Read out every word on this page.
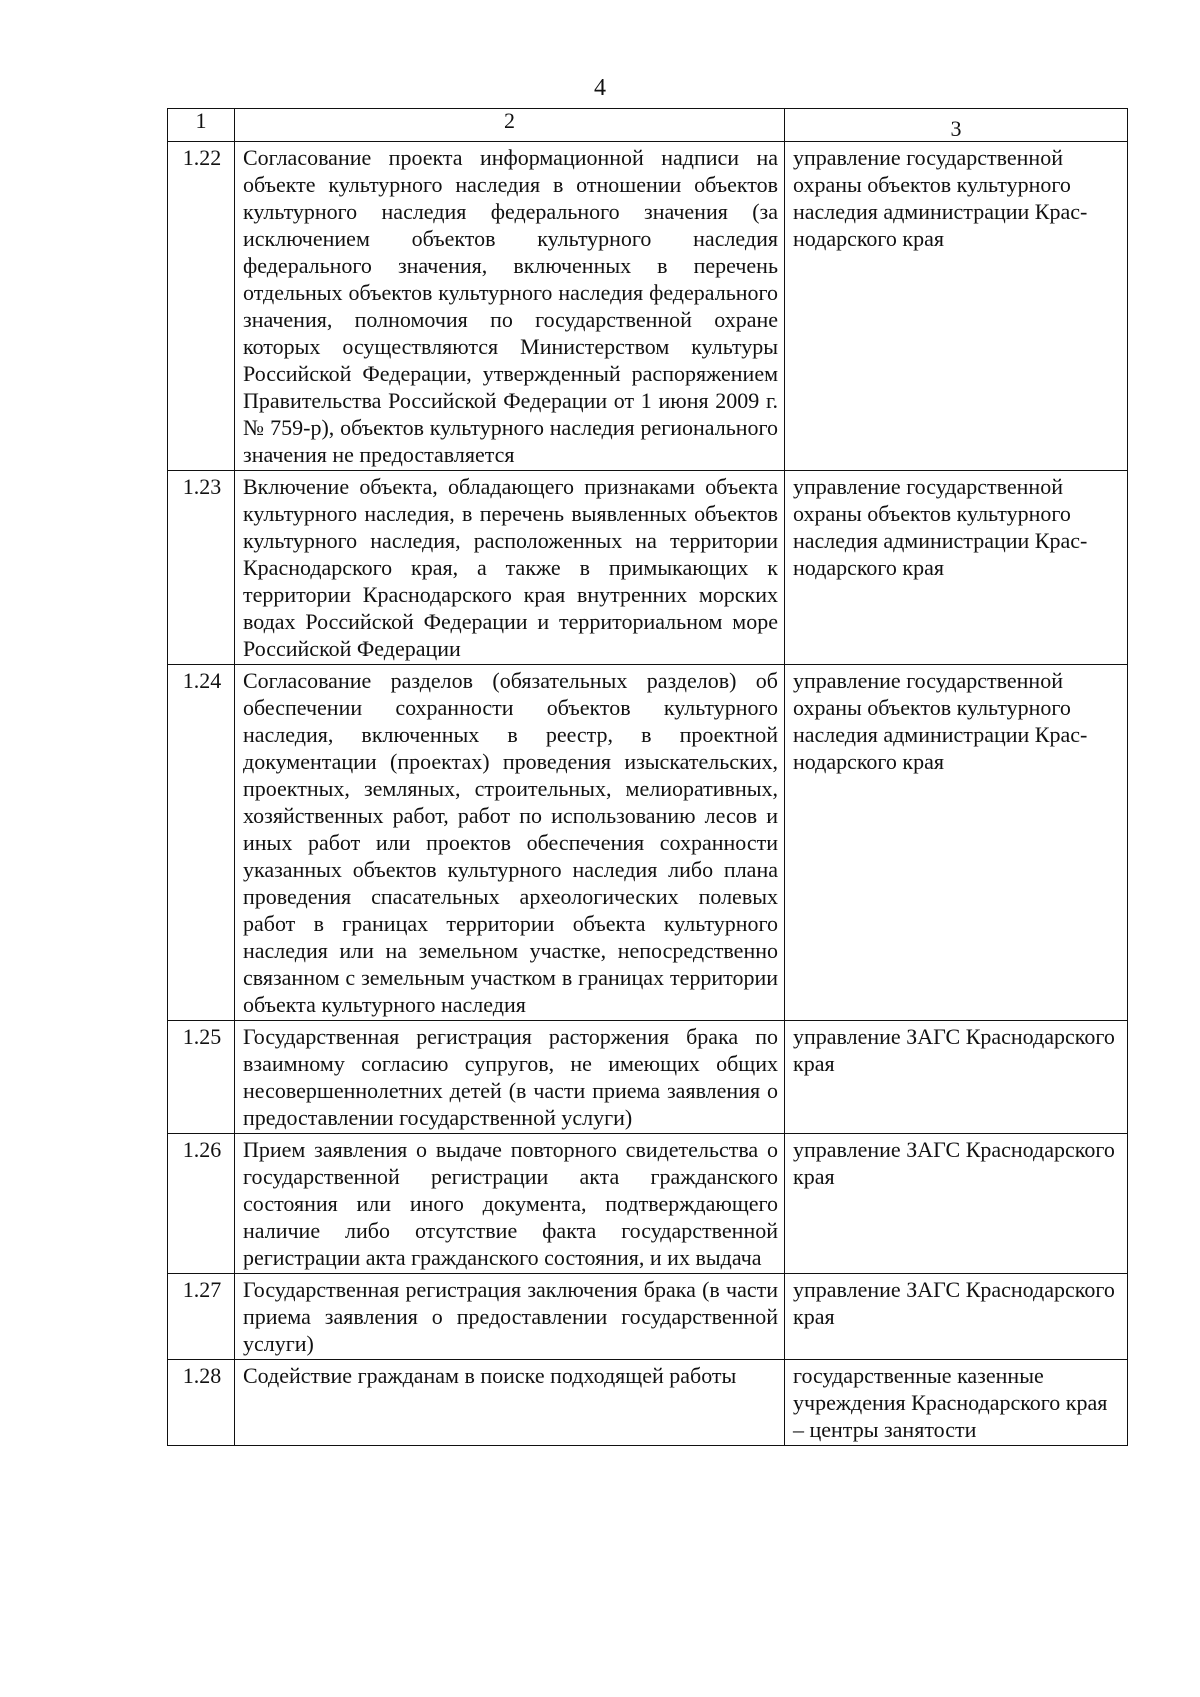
4
1	2	3
1.22	Согласование проекта информационной надписи на объекте культурного наследия в отношении объектов культурного наследия федерального значения (за исключением объектов культурного наследия федерального значения, включенных в перечень отдельных объектов культурного наследия федерального значения, полномочия по государственной охране которых осуществляются Министерством культуры Российской Федерации, утвержденный распоряжением Правительства Российской Федерации от 1 июня 2009 г. № 759-р), объектов культурного наследия регионального значения не предоставляется	управление государственной охраны объектов культурного наследия администрации Краснодарского края
1.23	Включение объекта, обладающего признаками объекта культурного наследия, в перечень выявленных объектов культурного наследия, расположенных на территории Краснодарского края, а также в примыкающих к территории Краснодарского края внутренних морских водах Российской Федерации и территориальном море Российской Федерации	управление государственной охраны объектов культурного наследия администрации Краснодарского края
1.24	Согласование разделов (обязательных разделов) об обеспечении сохранности объектов культурного наследия, включенных в реестр, в проектной документации (проектах) проведения изыскательских, проектных, земляных, строительных, мелиоративных, хозяйственных работ, работ по использованию лесов и иных работ или проектов обеспечения сохранности указанных объектов культурного наследия либо плана проведения спасательных археологических полевых работ в границах территории объекта культурного наследия или на земельном участке, непосредственно связанном с земельным участком в границах территории объекта культурного наследия	управление государственной охраны объектов культурного наследия администрации Краснодарского края
1.25	Государственная регистрация расторжения брака по взаимному согласию супругов, не имеющих общих несовершеннолетних детей (в части приема заявления о предоставлении государственной услуги)	управление ЗАГС Краснодарского края
1.26	Прием заявления о выдаче повторного свидетельства о государственной регистрации акта гражданского состояния или иного документа, подтверждающего наличие либо отсутствие факта государственной регистрации акта гражданского состояния, и их выдача	управление ЗАГС Краснодарского края
1.27	Государственная регистрация заключения брака (в части приема заявления о предоставлении государственной услуги)	управление ЗАГС Краснодарского края
1.28	Содействие гражданам в поиске подходящей работы	государственные казенные учреждения Краснодарского края – центры занятости
